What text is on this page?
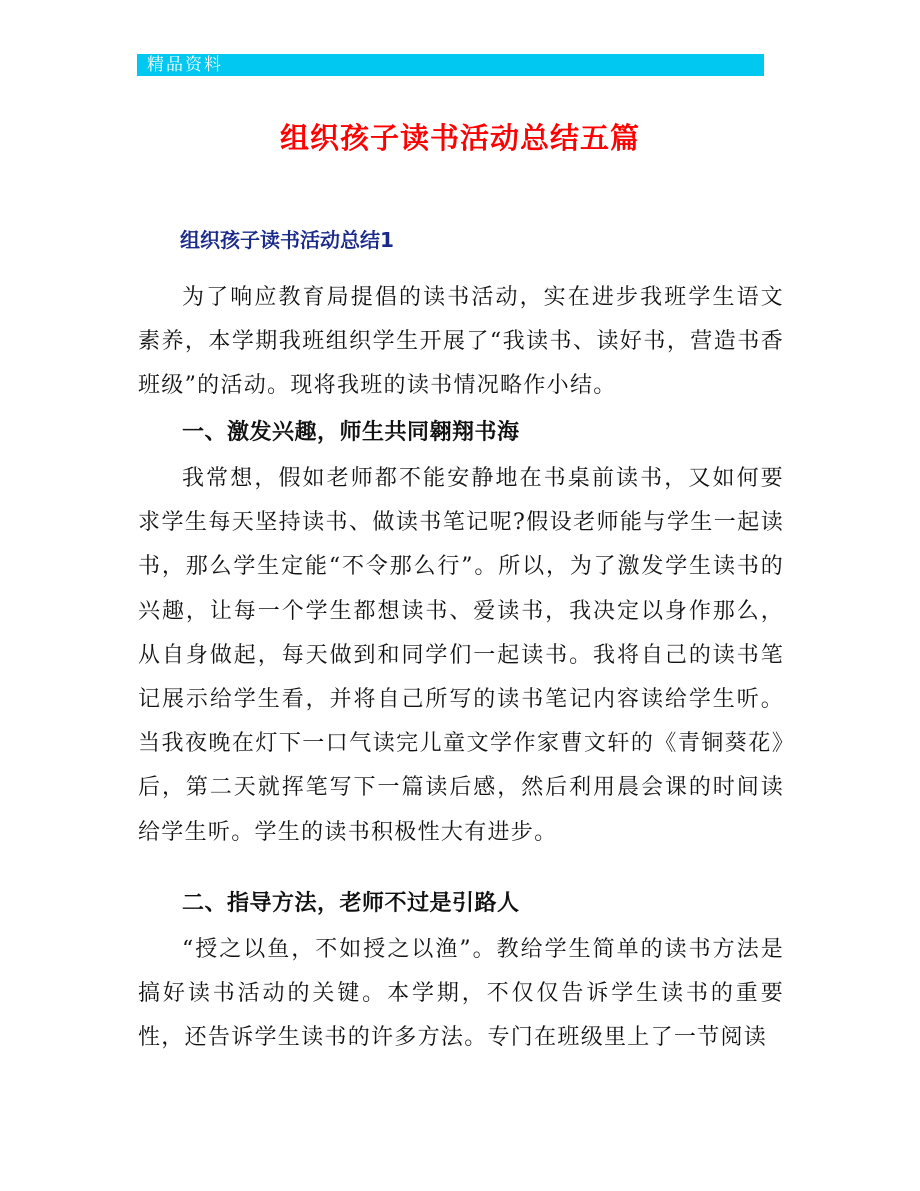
精品资料
组织孩子读书活动总结五篇
组织孩子读书活动总结1

为了响应教育局提倡的读书活动，实在进步我班学生语文素养，本学期我班组织学生开展了“我读书、读好书，营造书香班级”的活动。现将我班的读书情况略作小结。

一、激发兴趣，师生共同翱翔书海

我常想，假如老师都不能安静地在书桌前读书，又如何要求学生每天坚持读书、做读书笔记呢?假设老师能与学生一起读书，那么学生定能“不令那么行”。所以，为了激发学生读书的兴趣，让每一个学生都想读书、爱读书，我决定以身作那么，从自身做起，每天做到和同学们一起读书。我将自己的读书笔记展示给学生看，并将自己所写的读书笔记内容读给学生听。当我夜晚在灯下一口气读完儿童文学作家曹文轩的《青铜葵花》后，第二天就挥笔写下一篇读后感，然后利用晨会课的时间读给学生听。学生的读书积极性大有进步。

二、指导方法，老师不过是引路人

“授之以鱼，不如授之以渔”。教给学生简单的读书方法是搞好读书活动的关键。本学期，不仅仅告诉学生读书的重要性，还告诉学生读书的许多方法。专门在班级里上了一节阅读
